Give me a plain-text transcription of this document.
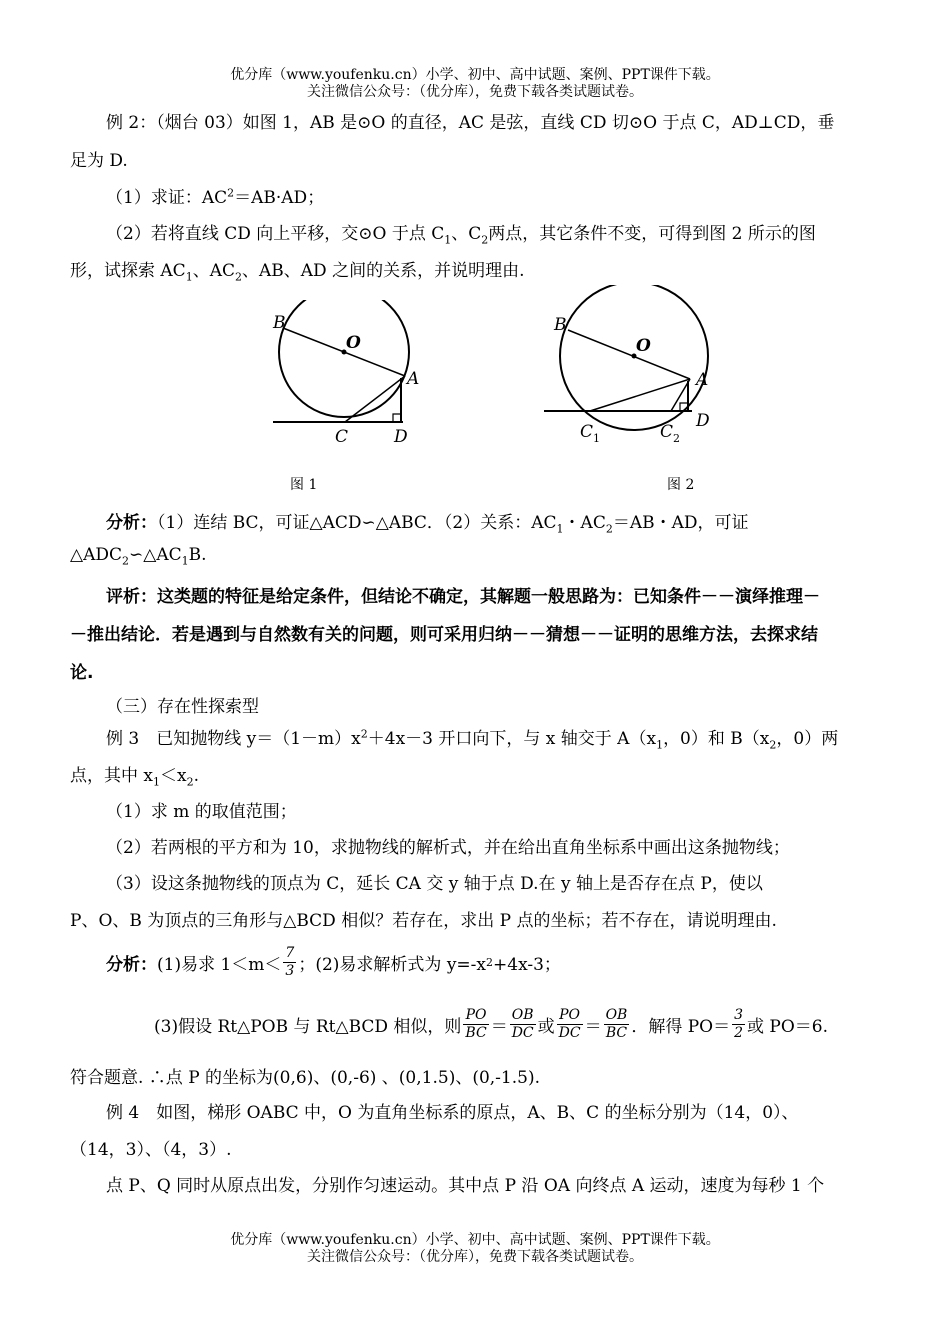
优分库（www.youfenku.cn）小学、初中、高中试题、案例、PPT课件下载。
关注微信公众号：（优分库），免费下载各类试题试卷。
例 2：（烟台 03）如图 1，AB 是⊙O 的直径，AC 是弦，直线 CD 切⊙O 于点 C，AD⊥CD，垂
足为 D.
（1）求证：$AC^2=AB\cdot AD$；
（2）若将直线 CD 向上平移，交⊙O 于点 $C_1$、$C_2$两点，其它条件不变，可得到图 2 所示的图
形，试探索 $AC_1$、$AC_2$、AB、AD 之间的关系，并说明理由.
B
O
A
C	D
图 1
B
O
A
C 1	C 2
D
图 2
分析：（1）连结 BC，可证△ACD∽△ABC．（2）关系：$AC_1$・$AC_2=AB$・AD，可证
$\triangle ADC_2∽\triangle AC_1B$.
评析：这类题的特征是给定条件，但结论不确定，其解题一般思路为：已知条件－－演绎推理－
－推出结论．若是遇到与自然数有关的问题，则可采用归纳－－猜想－－证明的思维方法，去探求结
论.
（三）存在性探索型
例 3　已知抛物线 $y=(1-m)x^2+4x-3$ 开口向下，与 x 轴交于 $A(x_1$，0）和 $B(x_2$，0）两
点，其中 $x_1<x_2$.
（1）求 m 的取值范围；
（2）若两根的平方和为 10，求抛物线的解析式，并在给出直角坐标系中画出这条抛物线；
（3）设这条抛物线的顶点为 C，延长 CA 交 y 轴于点 D.在 y 轴上是否存在点 P，使以
P、O、B 为顶点的三角形与△BCD 相似？若存在，求出 P 点的坐标；若不存在，请说明理由.
分析： (1)易求 $1<m< \frac{7}{3}$ ；(2)易求解析式为 y=-x 2 +4x-3；
(3)假设 Rt△POB 与 Rt△BCD 相似，则 $\frac{PO}{BC} = \frac{OB}{DC}$ 或 $\frac{PO}{DC} = \frac{OB}{BC}$ ．解得 $PO= \frac{3}{2}$ 或 PO＝6.
符合题意. ∴点 P 的坐标为(0,6)、(0,-6) 、(0,1.5)、(0,-1.5).
例 4　如图，梯形 OABC 中，O 为直角坐标系的原点，A、B、C 的坐标分别为（14，0）、
（14，3）、（4，3）.
点 P、Q 同时从原点出发，分别作匀速运动。其中点 P 沿 OA 向终点 A 运动，速度为每秒 1 个
优分库（www.youfenku.cn）小学、初中、高中试题、案例、PPT课件下载。
关注微信公众号：（优分库），免费下载各类试题试卷。
